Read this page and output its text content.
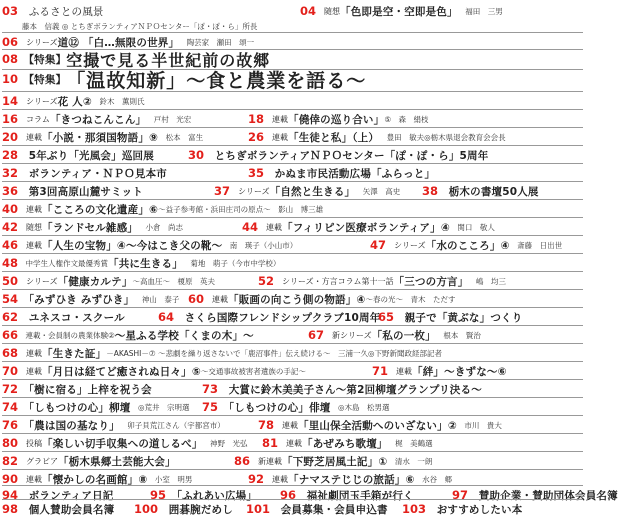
03 　ふるさとの風景	04 　随想 「色即是空・空即是色」 　福田　三男
藤本　信義 ◎ とちぎボランティアＮＰＯセンター「ぽ・ぽ・ら」所長
06 　シリーズ 道⑫ 「白…無限の世界」 　陶芸家　瀬田　頌一
08 　【特集】 空撮で見る半世紀前の故郷
10 　【特集】 「温故知新」～食と農業を語る～
14 　シリーズ 花 人② 　鈴木　薫則氏
16 　コラム 「きつねこんこん」 　戸村　光宏	18 　連載 「僥倖の巡り合い」 ⑤　森　絹枝
20 　連載 「小説・那須国物語」⑨ 　松本　富生	26 　連載 「生徒と私」（上） 　豊田　敏夫◎栃木県退会教育会会長
28 　5年ぶり「光風会」巡回展	30 　とちぎボランティアＮＰＯセンター「ぽ・ぽ・ら」5周年
32 　ボランティア・ＮＰＯ見本市	35 　かぬま市民活動広場「ふらっと」
36 　第3回高原山麓サミット	37 　シリーズ 「自然と生きる」 　矢澤　高史 38 　栃木の書壇50人展
40 　連載 「こころの文化遺産」⑥ ～益子参考館・浜田庄司の原点～　影山　博三雄
42 　随想 「ランドセル雑感」 　小倉　尚志	44 　連載 「フィリピン医療ボランティア」④ 　関口　敬人
46 　連載 「人生の宝物」④～今はこき父の靴～ 　南　瑛子（小山市）	47 　シリーズ 「水のこころ」④ 　斎藤　日出世
48 　中学生人権作文最優秀賞 「共に生きる」 　菊地　萌子（今市中学校）
50 　シリーズ 「健康カルテ」 ～高血圧～　榎原　英夫	52 　シリーズ・方言コラム第十一話 「三つの方言」 　嶋　均三
54 　「みずひき みずひき」 　神山　泰子 60 　連載 「販画の向こう側の物語」④ ～春の光～　青木　ただす
62 　ユネスコ・スクール	64 　さくら国際フレンドシップクラブ10周年
65 　親子で「黄ぶな」つくり
66 　連載・会員制の農業体験② ～星ふる学校「くまの木」～	67 　新シリーズ 「私の一枚」 　根本　賢治
68 　連載 「生きた証」 －AKASHI－⑦ ～悲劇を繰り返さないで「鹿沼事件」伝え続ける～ 　三浦一久◎下野新聞政経部記者
70 　連載 「月日は経てど癒されぬ日々」⑤ ～交通事故被害者遺族の手記～	71 　連載 「絆」 ～きずな～⑥
72 　「樹に宿る」上梓を祝う会	73 　大賞に鈴木美美子さん～第2回柳壇グランプリ決る～
74 　「しもつけの心」柳壇 　◎荒井　宗明選 75 　「しもつけの心」俳壇 　◎木島　松男選
76 　「農は国の基なり」 　卯子貝荒江さん（宇都宮市）	78 　連載 「里山保全活動へのいざない」② 　市川　貴大
80 　投稿 「楽しい切手収集への道しるべ」 　神野　光弘 81 　連載 「あぜみち歌壇」 　梶　美鶴選
82 　グラビア 「栃木県郷土芸能大会」	86 　新連載 「下野芝居風土記」① 　清水　一朗
90 　連載 「懐かしの名画館」⑧ 　小室　明男	92 　連載 「ナマステじじの旅話」⑥ 　水谷　郷
94 　ボランティア日記	95 　「ふれあい広場」 96 　福祉劇団玉手箱が行く	97 　賛助企業・賛助団体会員名簿
98 　個人賛助会員名簿 100 　囲碁腕だめし 101 　会員募集・会員申込書 103 　おすすめしたい本
